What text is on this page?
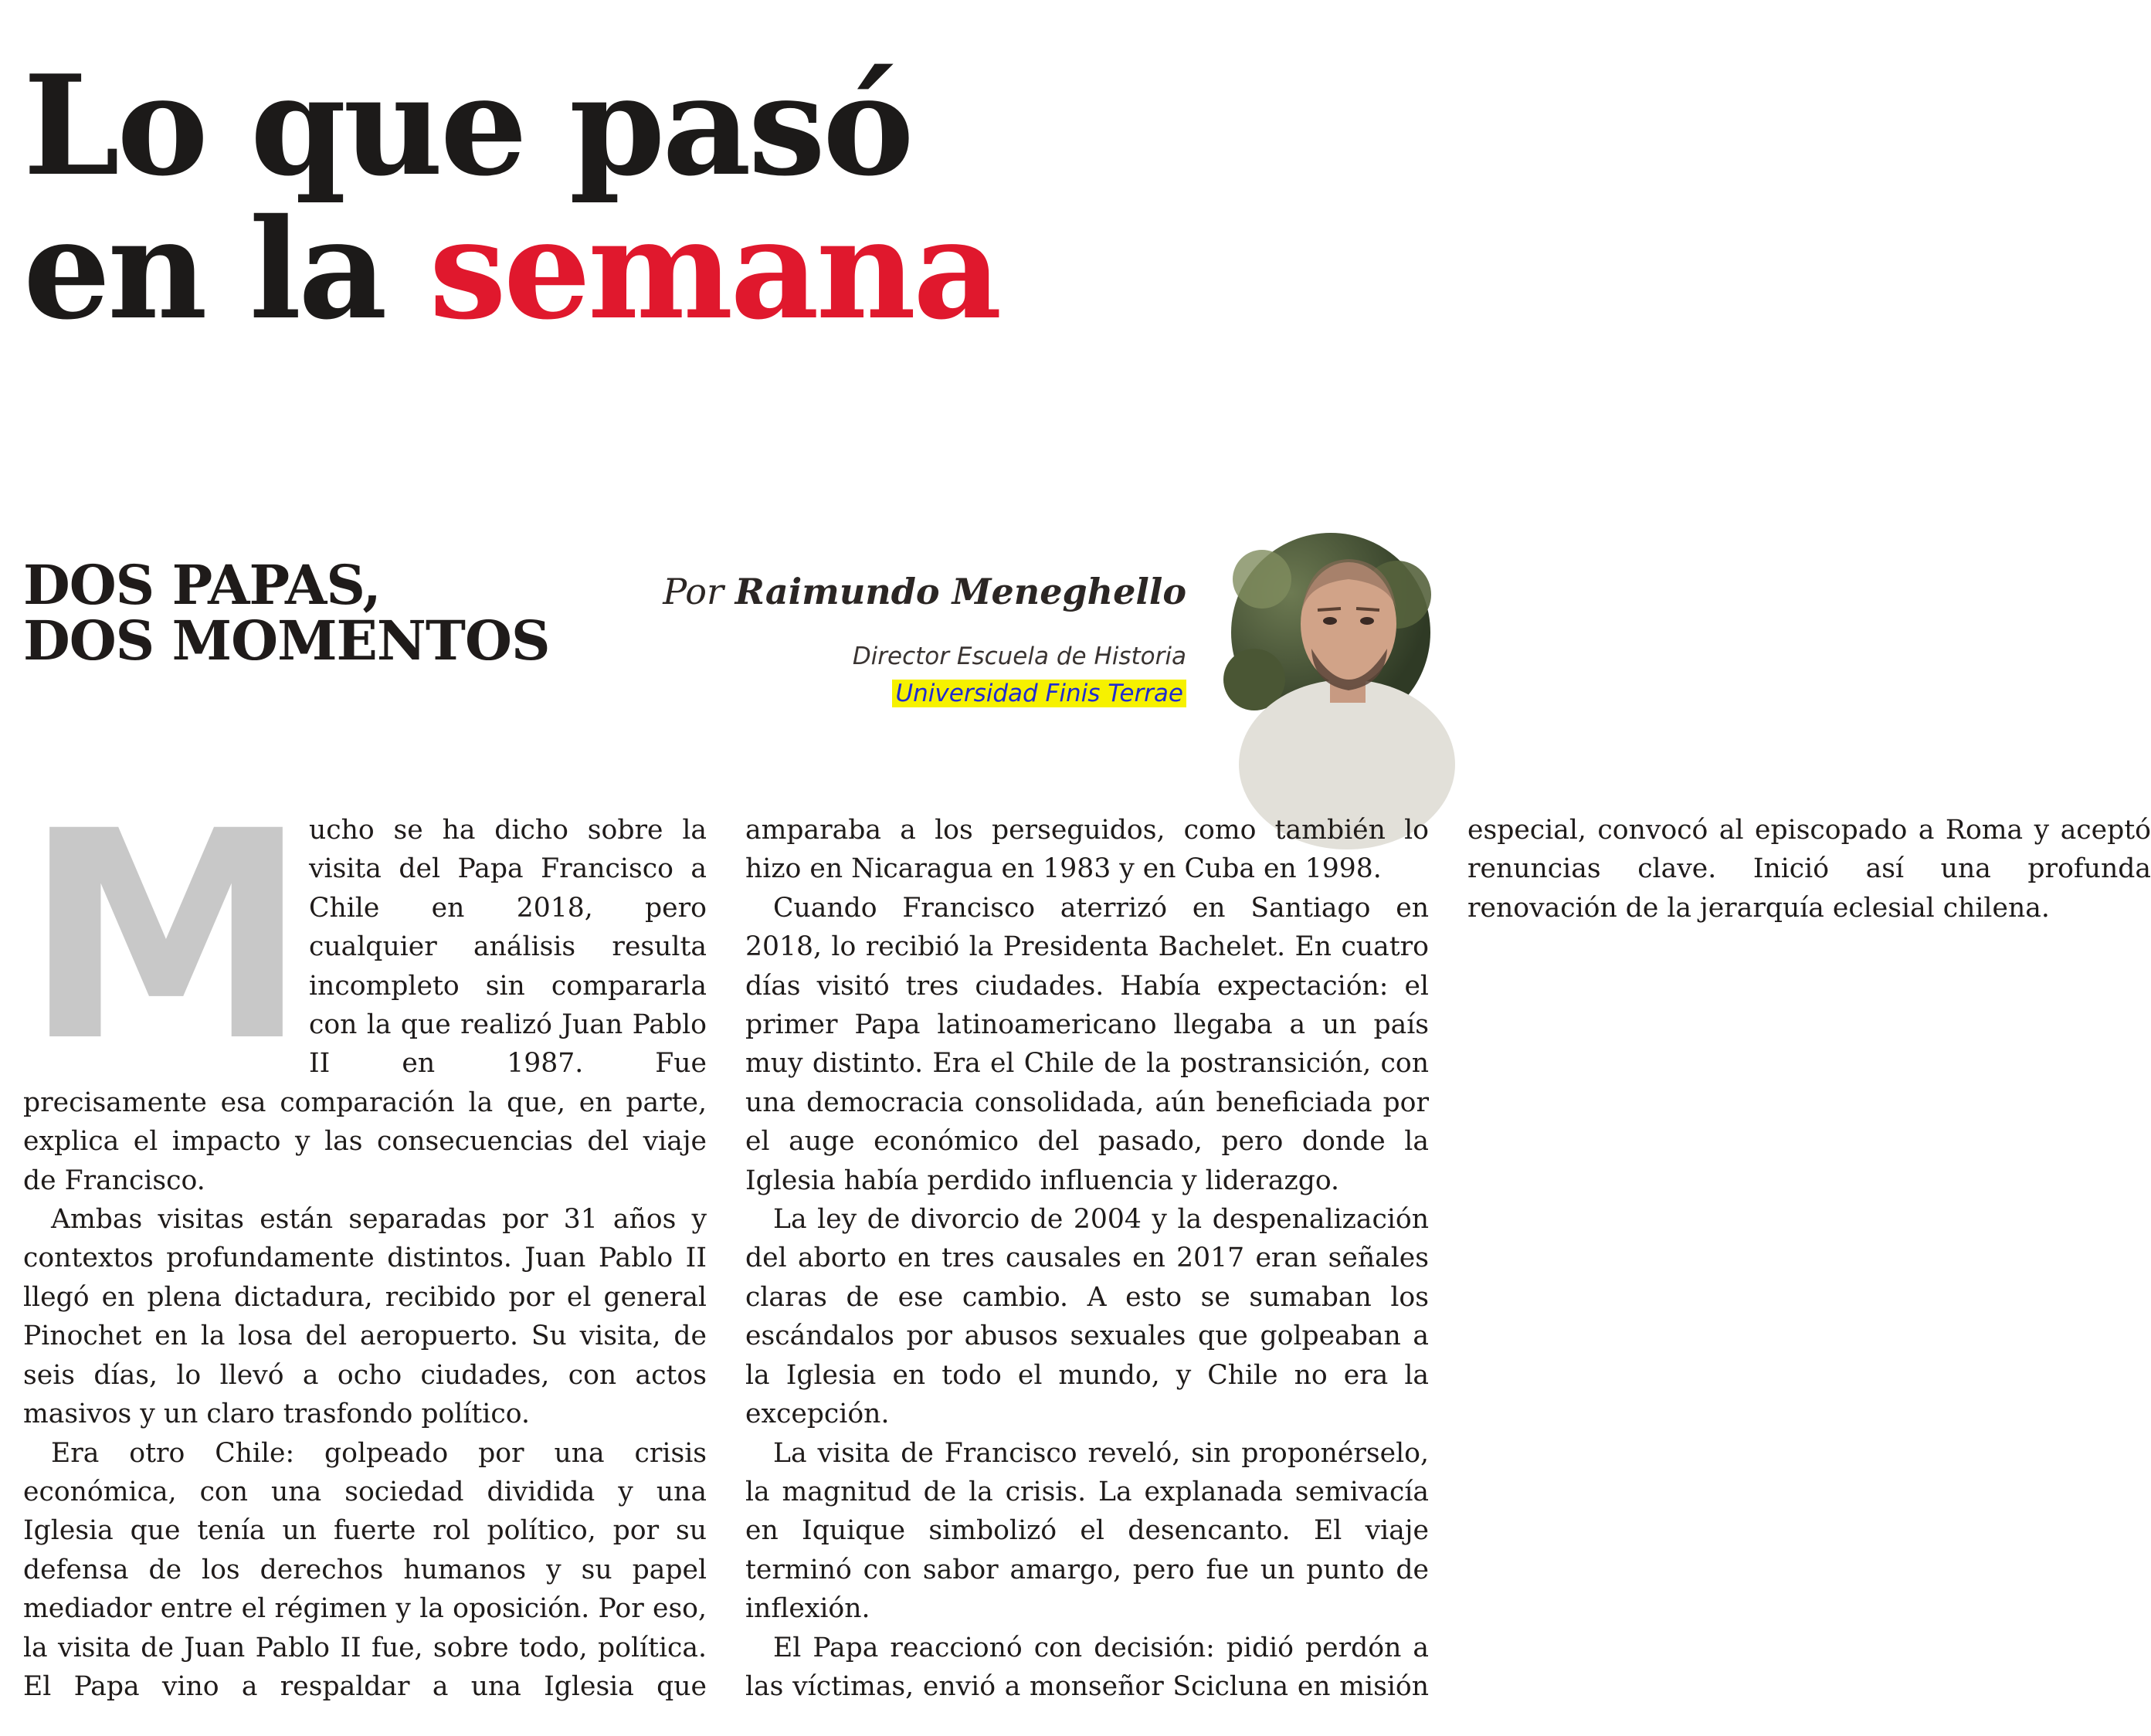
Lo que pasó
en la semana
DOS PAPAS,
DOS MOMENTOS

Por Raimundo Meneghello

Director Escuela de Historia
Universidad Finis Terrae

Mucho se ha dicho sobre la visita del Papa Francisco a Chile en 2018, pero cualquier análisis resulta incompleto sin compararla con la que realizó Juan Pablo II en 1987. Fue precisamente esa comparación la que, en parte, explica el impacto y las consecuencias del viaje de Francisco.

Ambas visitas están separadas por 31 años y contextos profundamente distintos. Juan Pablo II llegó en plena dictadura, recibido por el general Pinochet en la losa del aeropuerto. Su visita, de seis días, lo llevó a ocho ciudades, con actos masivos y un claro trasfondo político.

Era otro Chile: golpeado por una crisis económica, con una sociedad dividida y una Iglesia que tenía un fuerte rol político, por su defensa de los derechos humanos y su papel mediador entre el régimen y la oposición. Por eso, la visita de Juan Pablo II fue, sobre todo, política. El Papa vino a respaldar a una Iglesia que amparaba a los perseguidos, como también lo hizo en Nicaragua en 1983 y en Cuba en 1998.

Cuando Francisco aterrizó en Santiago en 2018, lo recibió la Presidenta Bachelet. En cuatro días visitó tres ciudades. Había expectación: el primer Papa latinoamericano llegaba a un país muy distinto. Era el Chile de la postransición, con una democracia consolidada, aún beneficiada por el auge económico del pasado, pero donde la Iglesia había perdido influencia y liderazgo.

La ley de divorcio de 2004 y la despenalización del aborto en tres causales en 2017 eran señales claras de ese cambio. A esto se sumaban los escándalos por abusos sexuales que golpeaban a la Iglesia en todo el mundo, y Chile no era la excepción.

La visita de Francisco reveló, sin proponérselo, la magnitud de la crisis. La explanada semivacía en Iquique simbolizó el desencanto. El viaje terminó con sabor amargo, pero fue un punto de inflexión.

El Papa reaccionó con decisión: pidió perdón a las víctimas, envió a monseñor Scicluna en misión especial, convocó al episcopado a Roma y aceptó renuncias clave. Inició así una profunda renovación de la jerarquía eclesial chilena.
